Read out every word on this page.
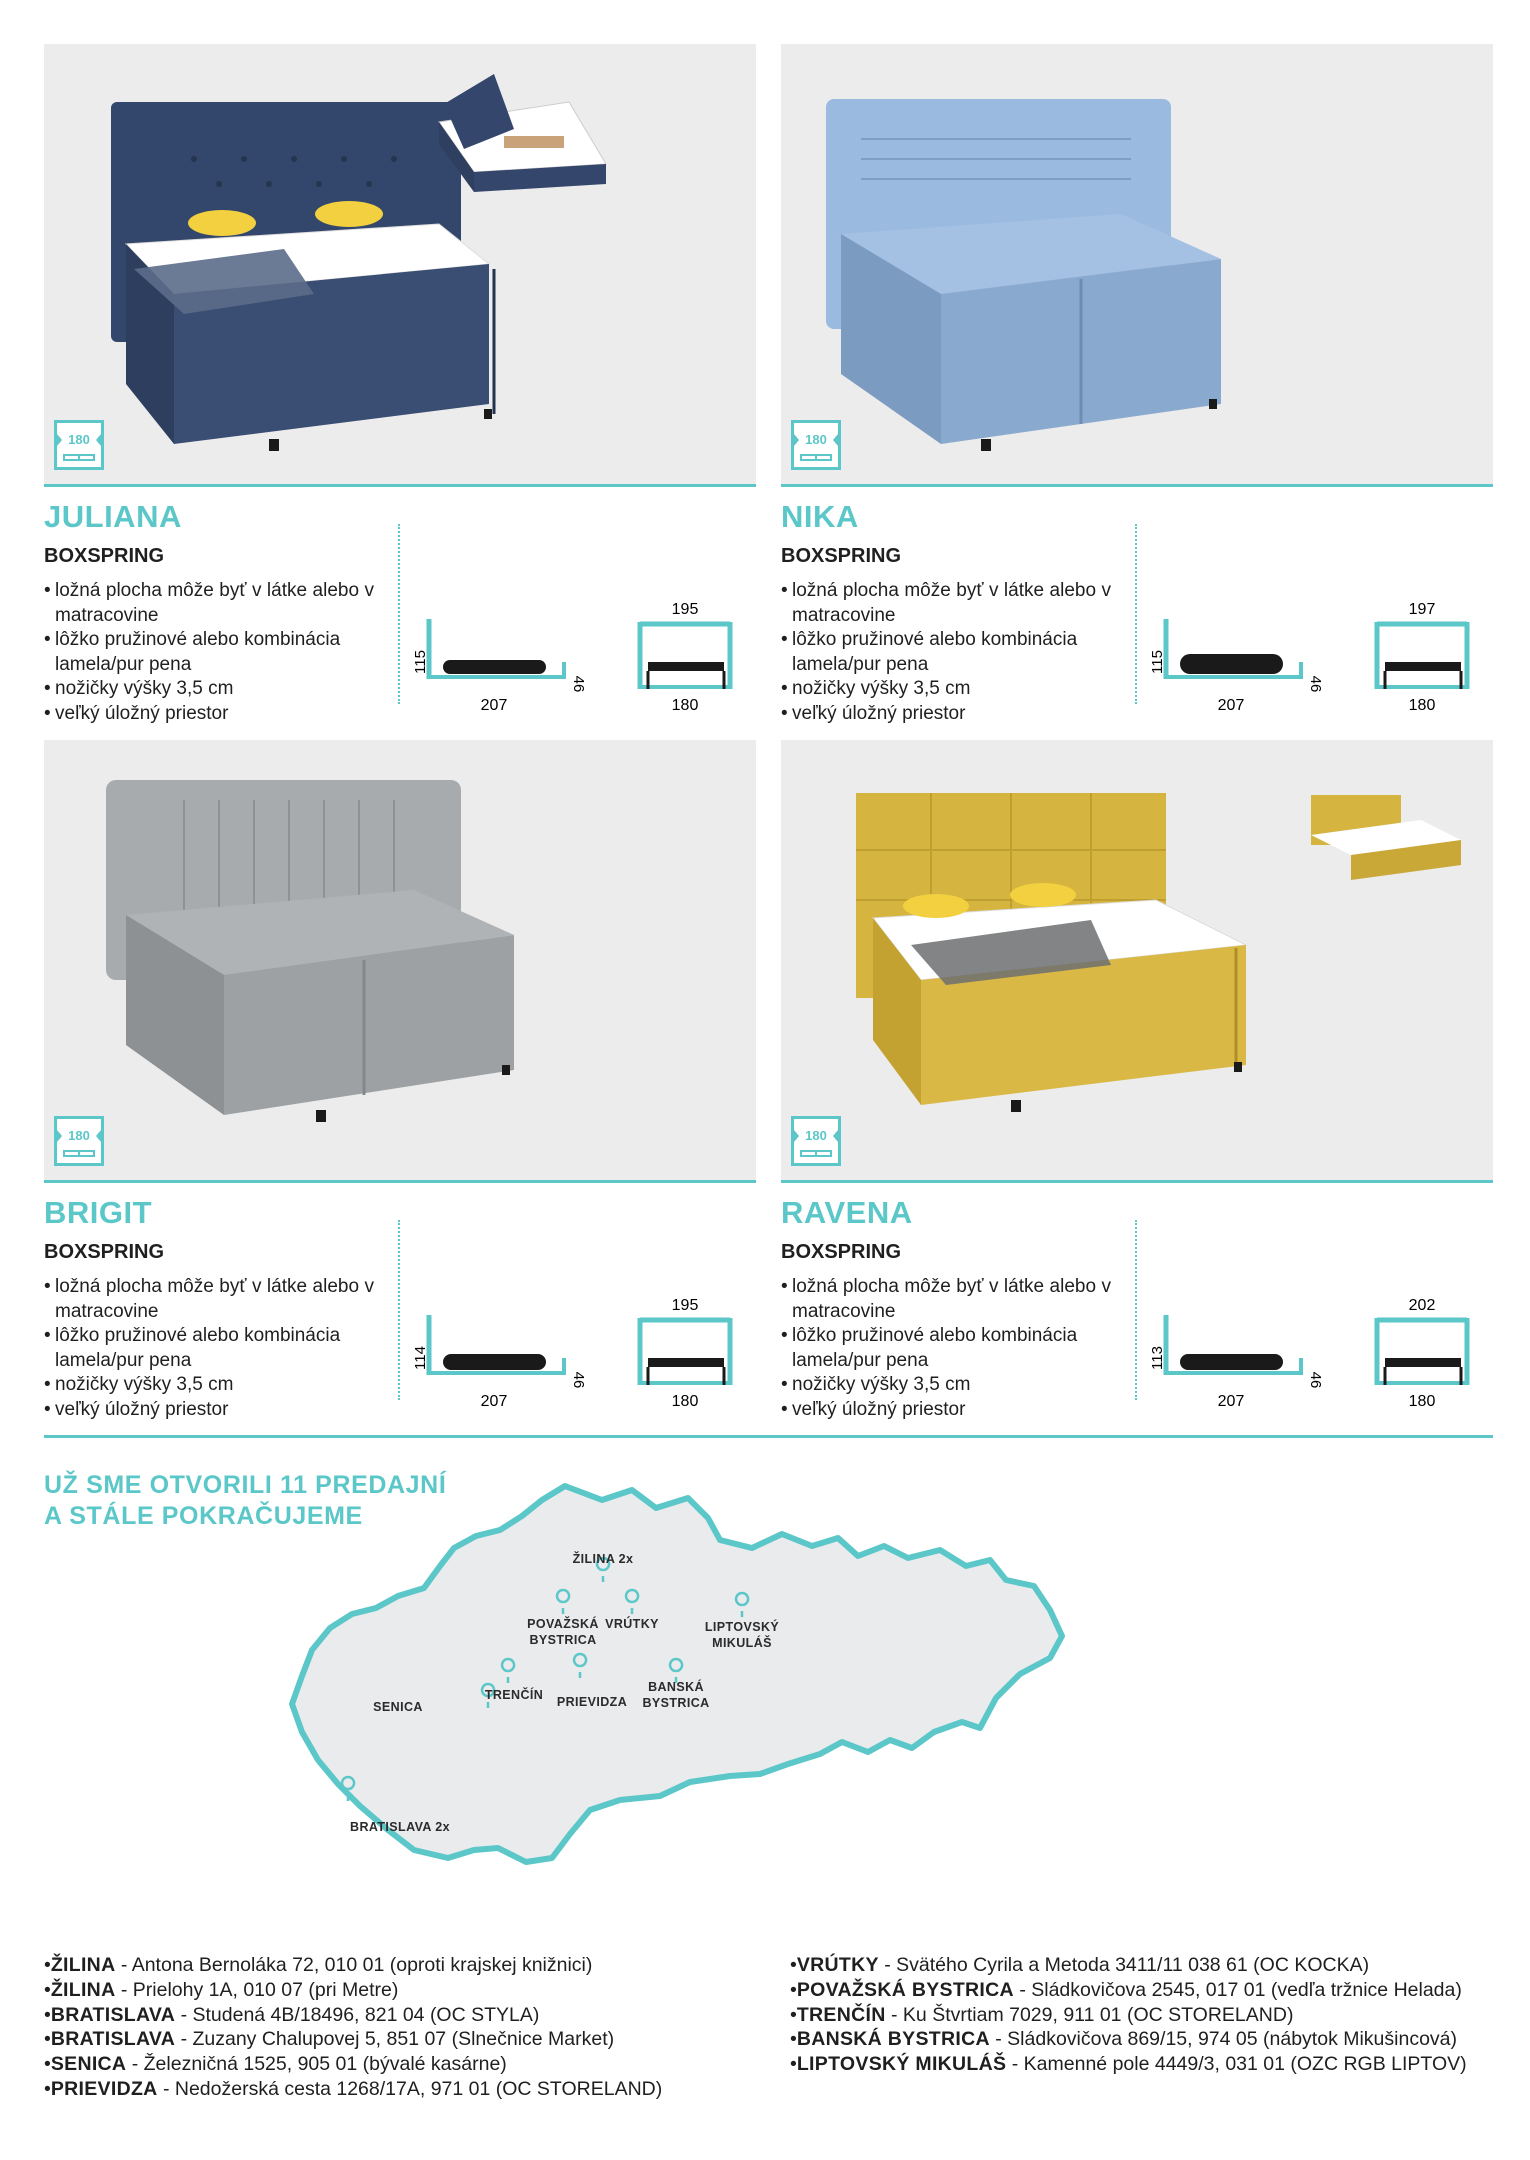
180
JULIANA
BOXSPRING
• ložná plocha môže byť v látke alebo v matracovine
• lôžko pružinové alebo kombinácia lamela/pur pena
• nožičky výšky 3,5 cm
• veľký úložný priestor
115
207
46
195
180
180
NIKA
BOXSPRING
• ložná plocha môže byť v látke alebo v matracovine
• lôžko pružinové alebo kombinácia lamela/pur pena
• nožičky výšky 3,5 cm
• veľký úložný priestor
115
207
46
197
180
180
BRIGIT
BOXSPRING
• ložná plocha môže byť v látke alebo v matracovine
• lôžko pružinové alebo kombinácia lamela/pur pena
• nožičky výšky 3,5 cm
• veľký úložný priestor
114
207
46
195
180
180
RAVENA
BOXSPRING
• ložná plocha môže byť v látke alebo v matracovine
• lôžko pružinové alebo kombinácia lamela/pur pena
• nožičky výšky 3,5 cm
• veľký úložný priestor
113
207
46
202
180
UŽ SME OTVORILI 11 PREDAJNÍ
A STÁLE POKRAČUJEME
ŽILINA 2x
POVAŽSKÁ
BYSTRICA
VRÚTKY	LIPTOVSKÝ
MIKULÁŠ
SENICA
TRENČÍN PRIEVIDZA
BANSKÁ
BYSTRICA
BRATISLAVA 2x
• ŽILINA - Antona Bernoláka 72, 010 01 (oproti krajskej knižnici)
• ŽILINA - Prielohy 1A, 010 07 (pri Metre)
• BRATISLAVA - Studená 4B/18496, 821 04 (OC STYLA)
• BRATISLAVA - Zuzany Chalupovej 5, 851 07 (Slnečnice Market)
• SENICA - Železničná 1525, 905 01 (bývalé kasárne)
• PRIEVIDZA - Nedožerská cesta 1268/17A, 971 01 (OC STORELAND)
• VRÚTKY - Svätého Cyrila a Metoda 3411/11 038 61 (OC KOCKA)
• POVAŽSKÁ BYSTRICA - Sládkovičova 2545, 017 01 (vedľa tržnice Helada)
• TRENČÍN - Ku Štvrtiam 7029, 911 01 (OC STORELAND)
• BANSKÁ BYSTRICA - Sládkovičova 869/15, 974 05 (nábytok Mikušincová)
• LIPTOVSKÝ MIKULÁŠ - Kamenné pole 4449/3, 031 01 (OZC RGB LIPTOV)
